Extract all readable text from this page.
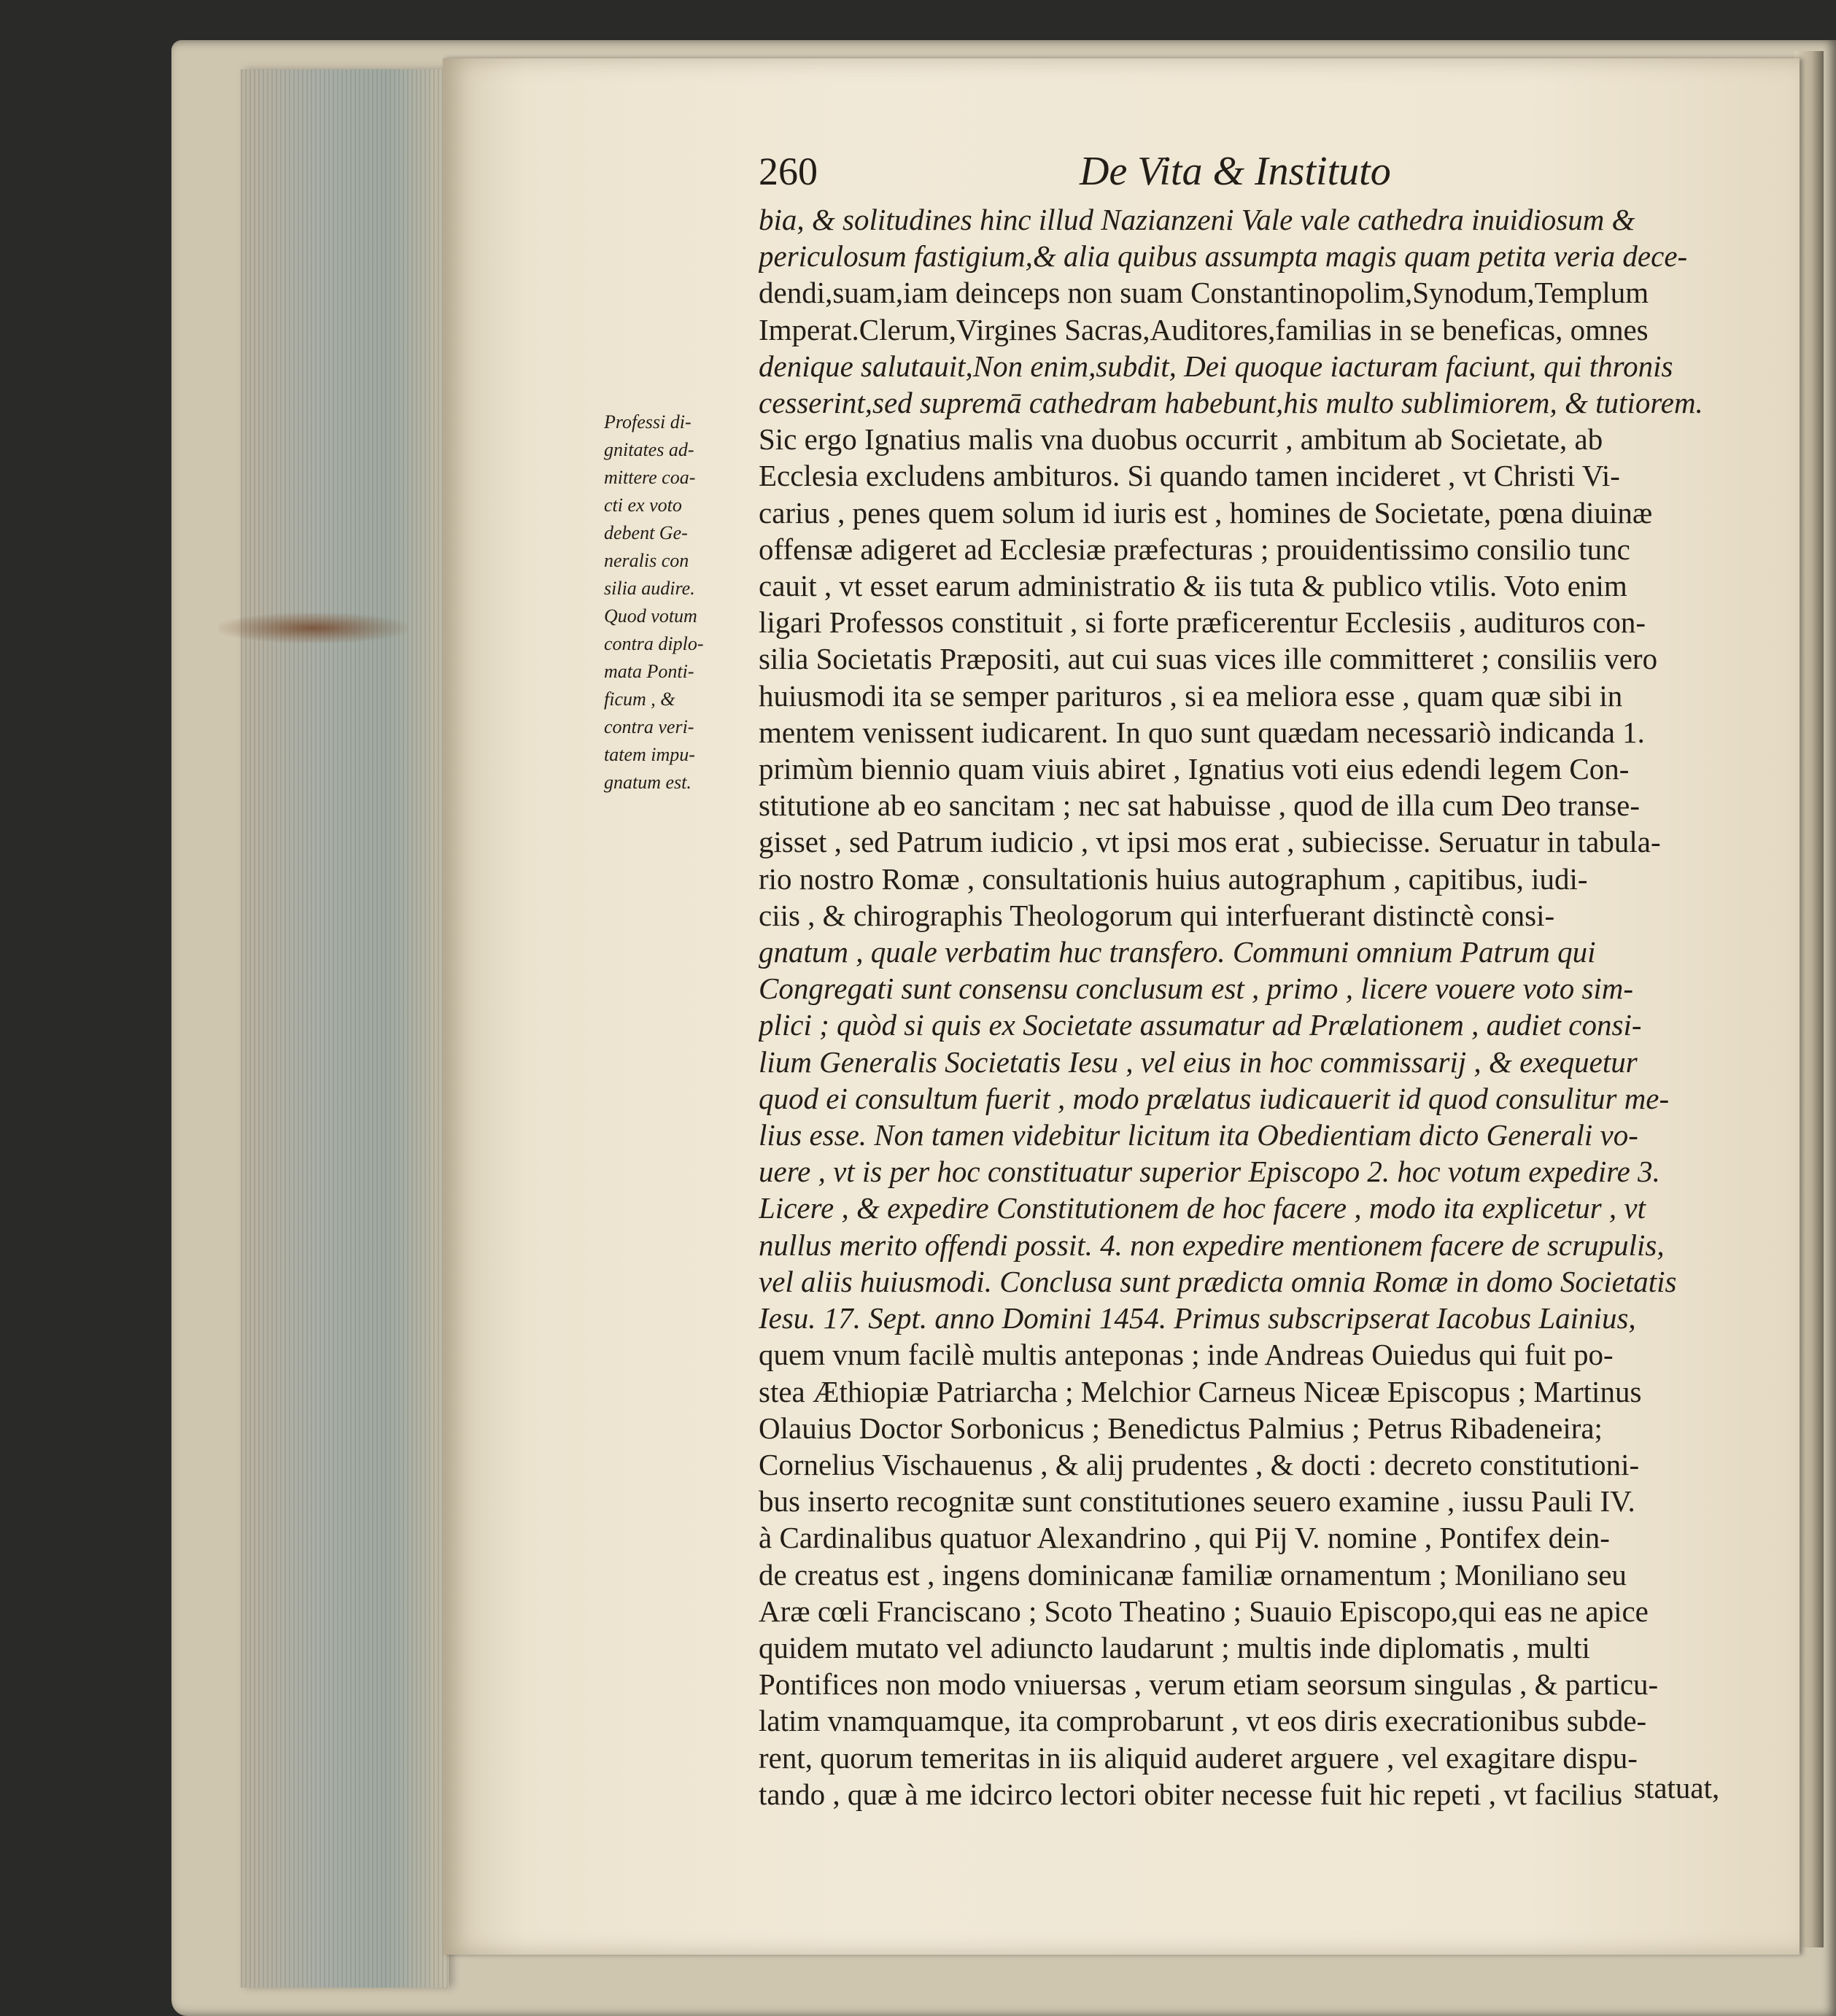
260	De Vita & Instituto
Professi di-
gnitates ad-
mittere coa-
cti ex voto
debent Ge-
neralis con
silia audire.
Quod votum
contra diplo-
mata Ponti-
ficum , &
contra veri-
tatem impu-
gnatum est.
bia, & solitudines hinc illud Nazianzeni Vale vale cathedra inuidiosum &
periculosum fastigium,& alia quibus assumpta magis quam petita veria dece-
dendi,suam,iam deinceps non suam Constantinopolim,Synodum,Templum
Imperat.Clerum,Virgines Sacras,Auditores,familias in se beneficas, omnes
denique salutauit,Non enim,subdit, Dei quoque iacturam faciunt, qui thronis
cesserint,sed supremā cathedram habebunt,his multo sublimiorem, & tutiorem.
Sic ergo Ignatius malis vna duobus occurrit , ambitum ab Societate, ab
Ecclesia excludens ambituros. Si quando tamen incideret , vt Christi Vi-
carius , penes quem solum id iuris est , homines de Societate, pœna diuinæ
offensæ adigeret ad Ecclesiæ præfecturas ; prouidentissimo consilio tunc
cauit , vt esset earum administratio & iis tuta & publico vtilis. Voto enim
ligari Professos constituit , si forte præficerentur Ecclesiis , audituros con-
silia Societatis Præpositi, aut cui suas vices ille committeret ; consiliis vero
huiusmodi ita se semper parituros , si ea meliora esse , quam quæ sibi in
mentem venissent iudicarent. In quo sunt quædam necessariò indicanda 1.
primùm biennio quam viuis abiret , Ignatius voti eius edendi legem Con-
stitutione ab eo sancitam ; nec sat habuisse , quod de illa cum Deo transe-
gisset , sed Patrum iudicio , vt ipsi mos erat , subiecisse. Seruatur in tabula-
rio nostro Romæ , consultationis huius autographum , capitibus, iudi-
ciis , & chirographis Theologorum qui interfuerant distinctè consi-
gnatum , quale verbatim huc transfero. Communi omnium Patrum qui
Congregati sunt consensu conclusum est , primo , licere vouere voto sim-
plici ; quòd si quis ex Societate assumatur ad Prælationem , audiet consi-
lium Generalis Societatis Iesu , vel eius in hoc commissarij , & exequetur
quod ei consultum fuerit , modo prælatus iudicauerit id quod consulitur me-
lius esse. Non tamen videbitur licitum ita Obedientiam dicto Generali vo-
uere , vt is per hoc constituatur superior Episcopo 2. hoc votum expedire 3.
Licere , & expedire Constitutionem de hoc facere , modo ita explicetur , vt
nullus merito offendi possit. 4. non expedire mentionem facere de scrupulis,
vel aliis huiusmodi. Conclusa sunt prædicta omnia Romæ in domo Societatis
Iesu. 17. Sept. anno Domini 1454. Primus subscripserat Iacobus Lainius,
quem vnum facilè multis anteponas ; inde Andreas Ouiedus qui fuit po-
stea Æthiopiæ Patriarcha ; Melchior Carneus Niceæ Episcopus ; Martinus
Olauius Doctor Sorbonicus ; Benedictus Palmius ; Petrus Ribadeneira;
Cornelius Vischauenus , & alij prudentes , & docti : decreto constitutioni-
bus inserto recognitæ sunt constitutiones seuero examine , iussu Pauli IV.
à Cardinalibus quatuor Alexandrino , qui Pij V. nomine , Pontifex dein-
de creatus est , ingens dominicanæ familiæ ornamentum ; Moniliano seu
Aræ cœli Franciscano ; Scoto Theatino ; Suauio Episcopo,qui eas ne apice
quidem mutato vel adiuncto laudarunt ; multis inde diplomatis , multi
Pontifices non modo vniuersas , verum etiam seorsum singulas , & particu-
latim vnamquamque, ita comprobarunt , vt eos diris execrationibus subde-
rent, quorum temeritas in iis aliquid auderet arguere , vel exagitare dispu-
tando , quæ à me idcirco lectori obiter necesse fuit hic repeti , vt facilius statuat,
